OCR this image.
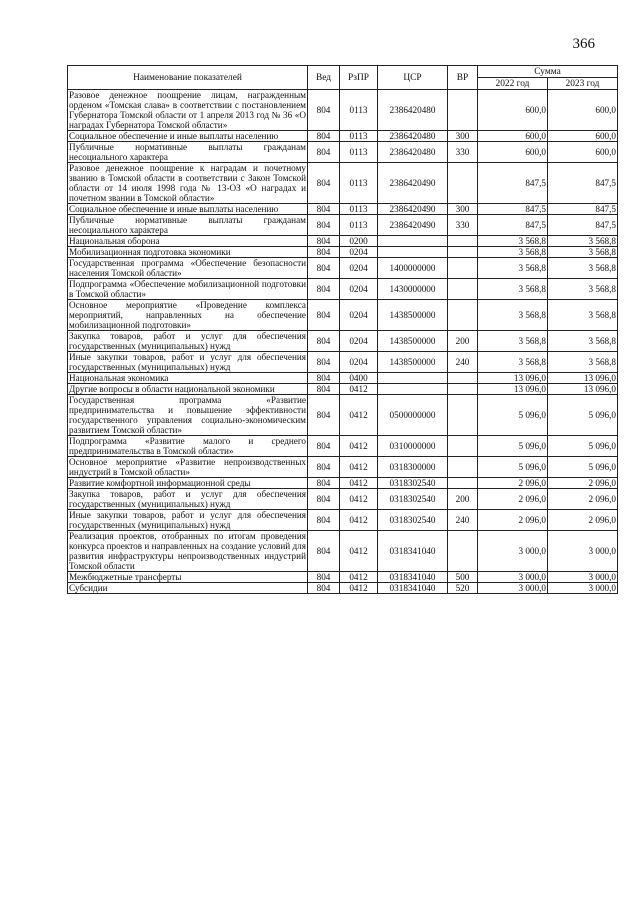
366
Наименование показателей	Вед	РзПР	ЦСР	ВР	Сумма	
					2022 год	2023 год
Разовое денежное поощрение лицам, награжденным орденом «Томская слава» в соответствии с постановлением Губернатора Томской области от 1 апреля 2013 год № 36 «О наградах Губернатора Томской области»	804	0113	2386420480		600,0	600,0
Социальное обеспечение и иные выплаты населению	804	0113	2386420480	300	600,0	600,0
Публичные нормативные выплаты гражданам несоциального характера	804	0113	2386420480	330	600,0	600,0
Разовое денежное поощрение к наградам и почетному званию в Томской области в соответствии с Закон Томской области от 14 июля 1998 года № 13-ОЗ «О наградах и почетном звании в Томской области»	804	0113	2386420490		847,5	847,5
Социальное обеспечение и иные выплаты населению	804	0113	2386420490	300	847,5	847,5
Публичные нормативные выплаты гражданам несоциального характера	804	0113	2386420490	330	847,5	847,5
Национальная оборона	804	0200			3 568,8	3 568,8
Мобилизационная подготовка экономики	804	0204			3 568,8	3 568,8
Государственная программа «Обеспечение безопасности населения Томской области»	804	0204	1400000000		3 568,8	3 568,8
Подпрограмма «Обеспечение мобилизационной подготовки в Томской области»	804	0204	1430000000		3 568,8	3 568,8
Основное мероприятие «Проведение комплекса мероприятий, направленных на обеспечение мобилизационной подготовки»	804	0204	1438500000		3 568,8	3 568,8
Закупка товаров, работ и услуг для обеспечения государственных (муниципальных) нужд	804	0204	1438500000	200	3 568,8	3 568,8
Иные закупки товаров, работ и услуг для обеспечения государственных (муниципальных) нужд	804	0204	1438500000	240	3 568,8	3 568,8
Национальная экономика	804	0400			13 096,0	13 096,0
Другие вопросы в области национальной экономики	804	0412			13 096,0	13 096,0
Государственная программа «Развитие предпринимательства и повышение эффективности государственного управления социально-экономическим развитием Томской области»	804	0412	0500000000		5 096,0	5 096,0
Подпрограмма «Развитие малого и среднего предпринимательства в Томской области»	804	0412	0310000000		5 096,0	5 096,0
Основное мероприятие «Развитие непроизводственных индустрий в Томской области»	804	0412	0318300000		5 096,0	5 096,0
Развитие комфортной информационной среды	804	0412	0318302540		2 096,0	2 096,0
Закупка товаров, работ и услуг для обеспечения государственных (муниципальных) нужд	804	0412	0318302540	200	2 096,0	2 096,0
Иные закупки товаров, работ и услуг для обеспечения государственных (муниципальных) нужд	804	0412	0318302540	240	2 096,0	2 096,0
Реализация проектов, отобранных по итогам проведения конкурса проектов и направленных на создание условий для развития инфраструктуры непроизводственных индустрий Томской области	804	0412	0318341040		3 000,0	3 000,0
Межбюджетные трансферты	804	0412	0318341040	500	3 000,0	3 000,0
Субсидии	804	0412	0318341040	520	3 000,0	3 000,0
